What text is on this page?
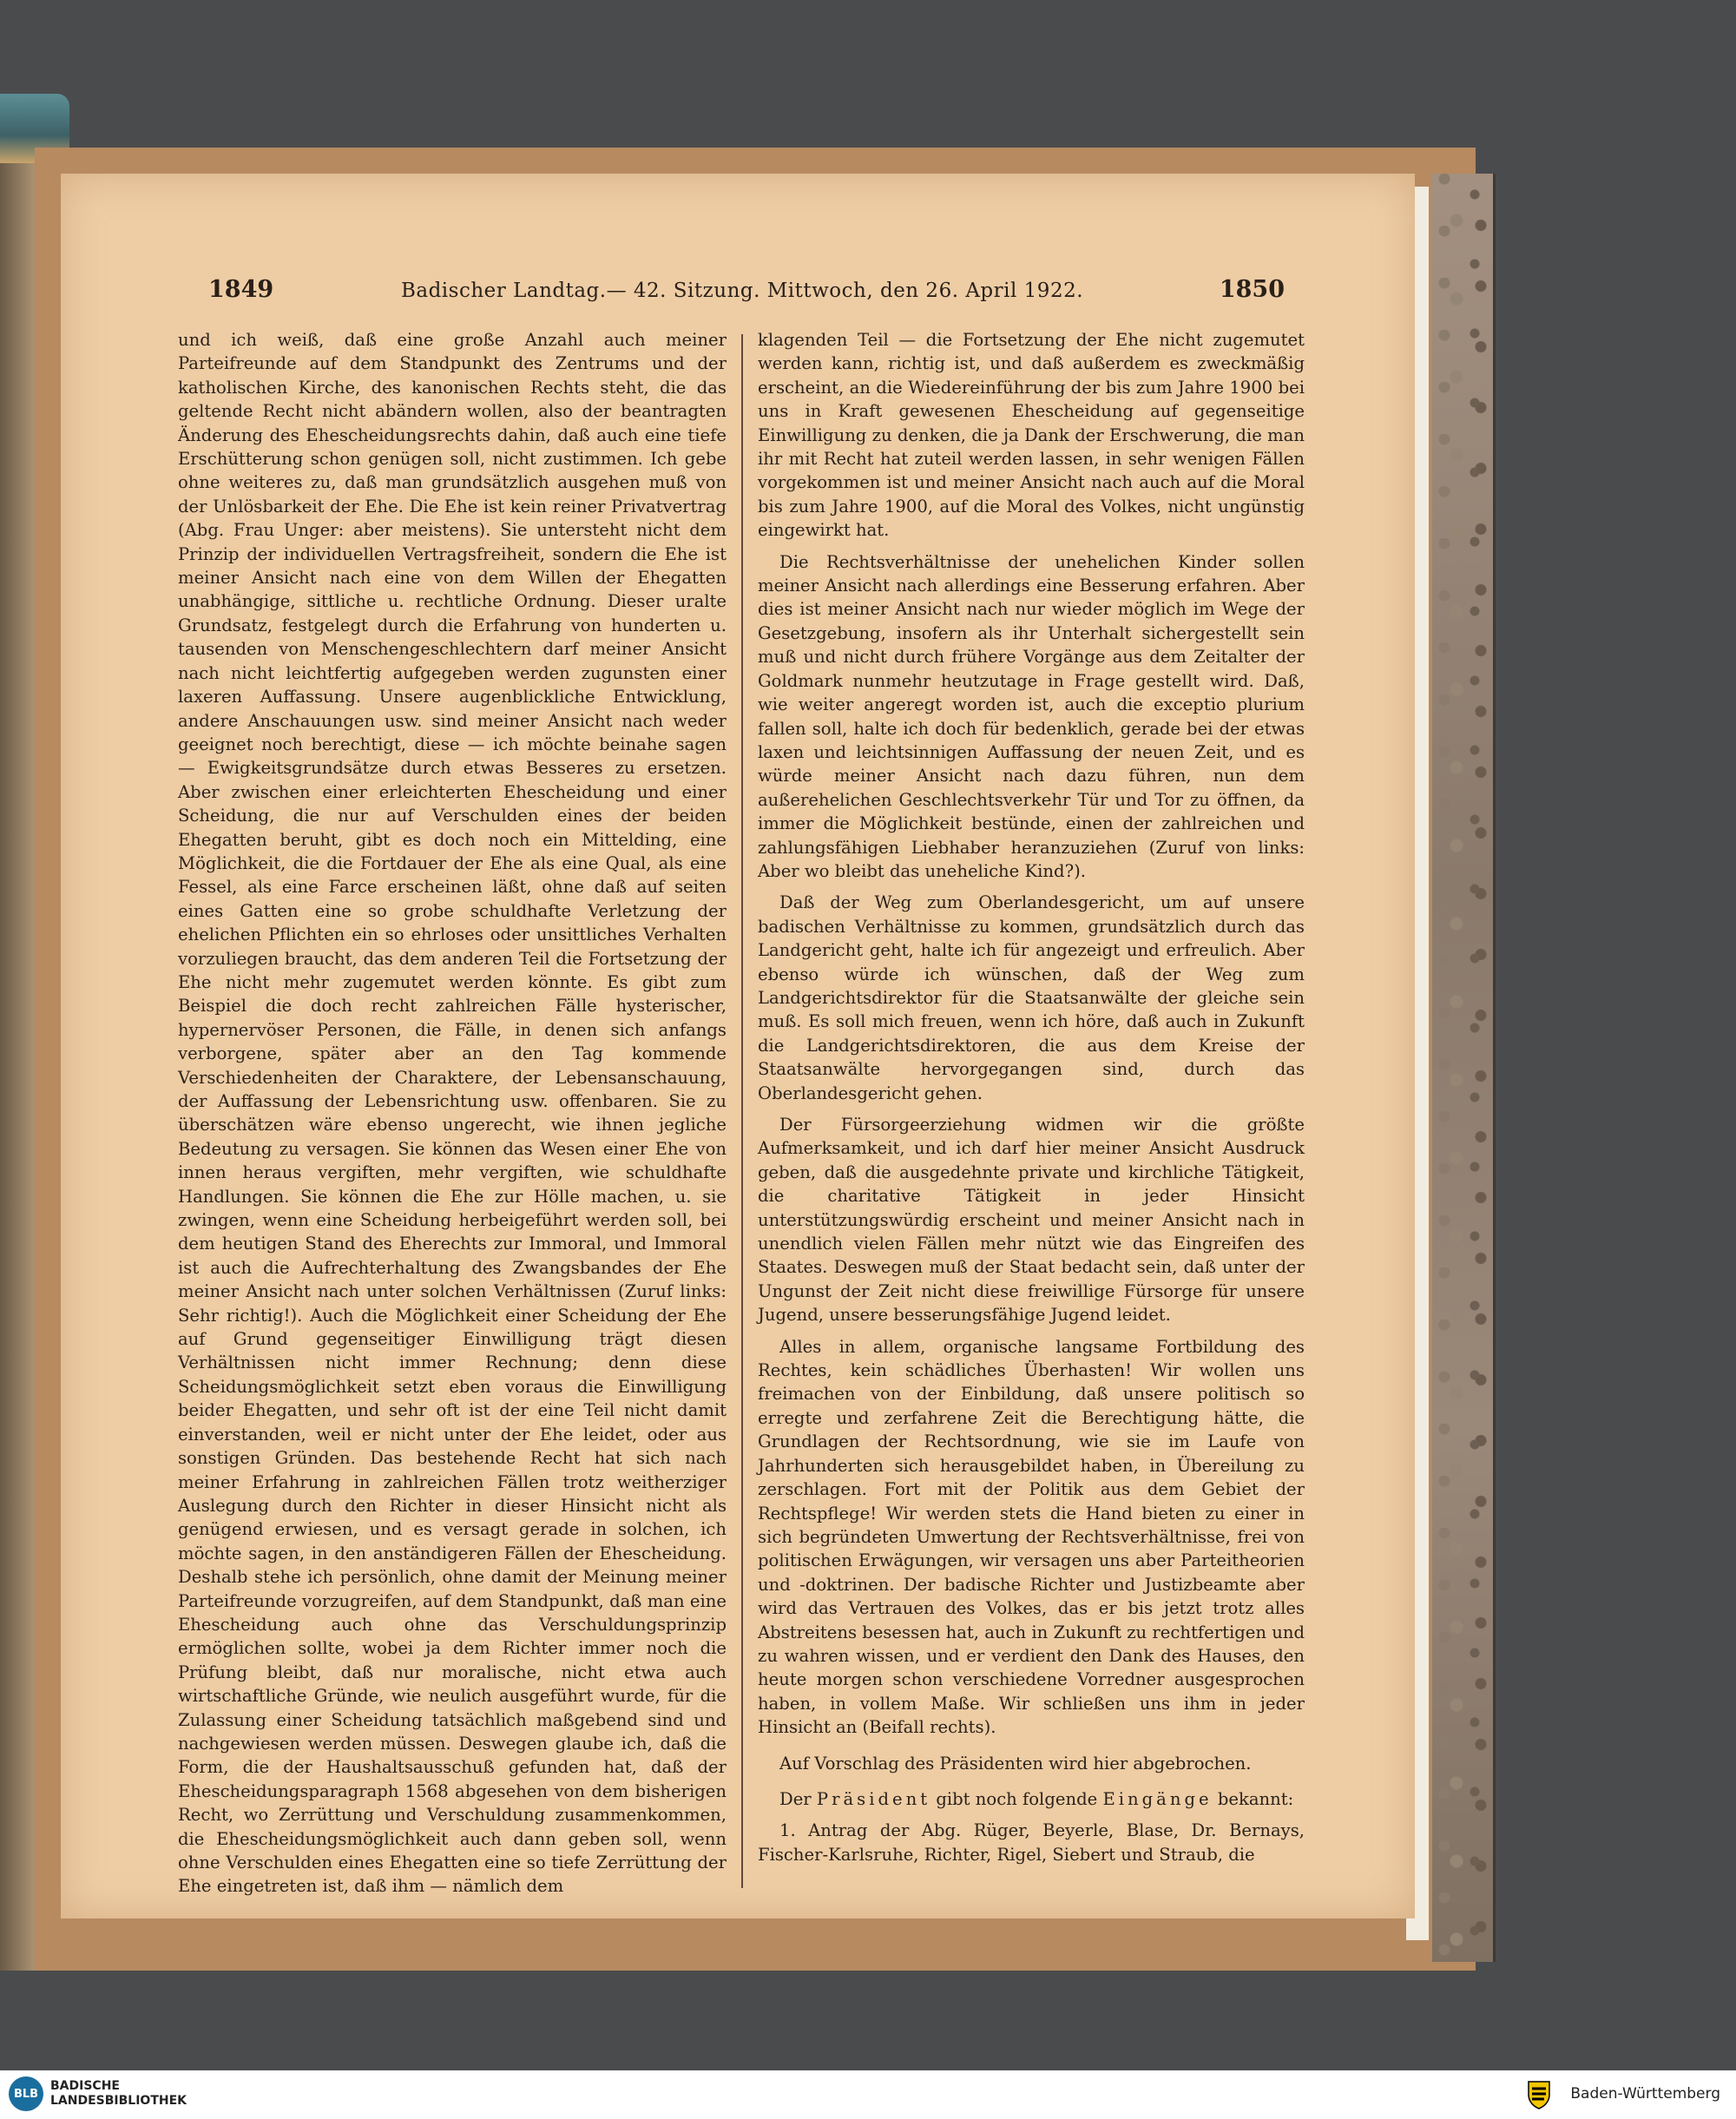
1849	Badischer Landtag.— 42. Sitzung. Mittwoch, den 26. April 1922.	1850

und ich weiß, daß eine große Anzahl auch meiner Parteifreunde auf dem Standpunkt des Zentrums und der katholischen Kirche, des kanonischen Rechts steht, die das geltende Recht nicht abändern wollen, also der beantragten Änderung des Ehescheidungsrechts dahin, daß auch eine tiefe Erschütterung schon genügen soll, nicht zustimmen. Ich gebe ohne weiteres zu, daß man grundsätzlich ausgehen muß von der Unlösbarkeit der Ehe. Die Ehe ist kein reiner Privatvertrag (Abg. Frau Unger: aber meistens). Sie untersteht nicht dem Prinzip der individuellen Vertragsfreiheit, sondern die Ehe ist meiner Ansicht nach eine von dem Willen der Ehegatten unabhängige, sittliche u. rechtliche Ordnung. Dieser uralte Grundsatz, festgelegt durch die Erfahrung von hunderten u. tausenden von Menschengeschlechtern darf meiner Ansicht nach nicht leichtfertig aufgegeben werden zugunsten einer laxeren Auffassung. Unsere augenblickliche Entwicklung, andere Anschauungen usw. sind meiner Ansicht nach weder geeignet noch berechtigt, diese — ich möchte beinahe sagen — Ewigkeitsgrundsätze durch etwas Besseres zu ersetzen. Aber zwischen einer erleichterten Ehescheidung und einer Scheidung, die nur auf Verschulden eines der beiden Ehegatten beruht, gibt es doch noch ein Mittelding, eine Möglichkeit, die die Fortdauer der Ehe als eine Qual, als eine Fessel, als eine Farce erscheinen läßt, ohne daß auf seiten eines Gatten eine so grobe schuldhafte Verletzung der ehelichen Pflichten ein so ehrloses oder unsittliches Verhalten vorzuliegen braucht, das dem anderen Teil die Fortsetzung der Ehe nicht mehr zugemutet werden könnte. Es gibt zum Beispiel die doch recht zahlreichen Fälle hysterischer, hypernervöser Personen, die Fälle, in denen sich anfangs verborgene, später aber an den Tag kommende Verschiedenheiten der Charaktere, der Lebensanschauung, der Auffassung der Lebensrichtung usw. offenbaren. Sie zu überschätzen wäre ebenso ungerecht, wie ihnen jegliche Bedeutung zu versagen. Sie können das Wesen einer Ehe von innen heraus vergiften, mehr vergiften, wie schuldhafte Handlungen. Sie können die Ehe zur Hölle machen, u. sie zwingen, wenn eine Scheidung herbeigeführt werden soll, bei dem heutigen Stand des Eherechts zur Immoral, und Immoral ist auch die Aufrechterhaltung des Zwangsbandes der Ehe meiner Ansicht nach unter solchen Verhältnissen (Zuruf links: Sehr richtig!). Auch die Möglichkeit einer Scheidung der Ehe auf Grund gegenseitiger Einwilligung trägt diesen Verhältnissen nicht immer Rechnung; denn diese Scheidungsmöglichkeit setzt eben voraus die Einwilligung beider Ehegatten, und sehr oft ist der eine Teil nicht damit einverstanden, weil er nicht unter der Ehe leidet, oder aus sonstigen Gründen. Das bestehende Recht hat sich nach meiner Erfahrung in zahlreichen Fällen trotz weitherziger Auslegung durch den Richter in dieser Hinsicht nicht als genügend erwiesen, und es versagt gerade in solchen, ich möchte sagen, in den anständigeren Fällen der Ehescheidung. Deshalb stehe ich persönlich, ohne damit der Meinung meiner Parteifreunde vorzugreifen, auf dem Standpunkt, daß man eine Ehescheidung auch ohne das Verschuldungsprinzip ermöglichen sollte, wobei ja dem Richter immer noch die Prüfung bleibt, daß nur moralische, nicht etwa auch wirtschaftliche Gründe, wie neulich ausgeführt wurde, für die Zulassung einer Scheidung tatsächlich maßgebend sind und nachgewiesen werden müssen. Deswegen glaube ich, daß die Form, die der Haushaltsausschuß gefunden hat, daß der Ehescheidungsparagraph 1568 abgesehen von dem bisherigen Recht, wo Zerrüttung und Verschuldung zusammenkommen, die Ehescheidungsmöglichkeit auch dann geben soll, wenn ohne Verschulden eines Ehegatten eine so tiefe Zerrüttung der Ehe eingetreten ist, daß ihm — nämlich dem

klagenden Teil — die Fortsetzung der Ehe nicht zugemutet werden kann, richtig ist, und daß außerdem es zweckmäßig erscheint, an die Wiedereinführung der bis zum Jahre 1900 bei uns in Kraft gewesenen Ehescheidung auf gegenseitige Einwilligung zu denken, die ja Dank der Erschwerung, die man ihr mit Recht hat zuteil werden lassen, in sehr wenigen Fällen vorgekommen ist und meiner Ansicht nach auch auf die Moral bis zum Jahre 1900, auf die Moral des Volkes, nicht ungünstig eingewirkt hat.

Die Rechtsverhältnisse der unehelichen Kinder sollen meiner Ansicht nach allerdings eine Besserung erfahren. Aber dies ist meiner Ansicht nach nur wieder möglich im Wege der Gesetzgebung, insofern als ihr Unterhalt sichergestellt sein muß und nicht durch frühere Vorgänge aus dem Zeitalter der Goldmark nunmehr heutzutage in Frage gestellt wird. Daß, wie weiter angeregt worden ist, auch die exceptio plurium fallen soll, halte ich doch für bedenklich, gerade bei der etwas laxen und leichtsinnigen Auffassung der neuen Zeit, und es würde meiner Ansicht nach dazu führen, nun dem außerehelichen Geschlechtsverkehr Tür und Tor zu öffnen, da immer die Möglichkeit bestünde, einen der zahlreichen und zahlungsfähigen Liebhaber heranzuziehen (Zuruf von links: Aber wo bleibt das uneheliche Kind?).

Daß der Weg zum Oberlandesgericht, um auf unsere badischen Verhältnisse zu kommen, grundsätzlich durch das Landgericht geht, halte ich für angezeigt und erfreulich. Aber ebenso würde ich wünschen, daß der Weg zum Landgerichtsdirektor für die Staatsanwälte der gleiche sein muß. Es soll mich freuen, wenn ich höre, daß auch in Zukunft die Landgerichtsdirektoren, die aus dem Kreise der Staatsanwälte hervorgegangen sind, durch das Oberlandesgericht gehen.

Der Fürsorgeerziehung widmen wir die größte Aufmerksamkeit, und ich darf hier meiner Ansicht Ausdruck geben, daß die ausgedehnte private und kirchliche Tätigkeit, die charitative Tätigkeit in jeder Hinsicht unterstützungswürdig erscheint und meiner Ansicht nach in unendlich vielen Fällen mehr nützt wie das Eingreifen des Staates. Deswegen muß der Staat bedacht sein, daß unter der Ungunst der Zeit nicht diese freiwillige Fürsorge für unsere Jugend, unsere besserungsfähige Jugend leidet.

Alles in allem, organische langsame Fortbildung des Rechtes, kein schädliches Überhasten! Wir wollen uns freimachen von der Einbildung, daß unsere politisch so erregte und zerfahrene Zeit die Berechtigung hätte, die Grundlagen der Rechtsordnung, wie sie im Laufe von Jahrhunderten sich herausgebildet haben, in Übereilung zu zerschlagen. Fort mit der Politik aus dem Gebiet der Rechtspflege! Wir werden stets die Hand bieten zu einer in sich begründeten Umwertung der Rechtsverhältnisse, frei von politischen Erwägungen, wir versagen uns aber Parteitheorien und -doktrinen. Der badische Richter und Justizbeamte aber wird das Vertrauen des Volkes, das er bis jetzt trotz alles Abstreitens besessen hat, auch in Zukunft zu rechtfertigen und zu wahren wissen, und er verdient den Dank des Hauses, den heute morgen schon verschiedene Vorredner ausgesprochen haben, in vollem Maße. Wir schließen uns ihm in jeder Hinsicht an (Beifall rechts).

Auf Vorschlag des Präsidenten wird hier abgebrochen.

Der Präsident gibt noch folgende Eingänge bekannt:

1. Antrag der Abg. Rüger, Beyerle, Blase, Dr. Bernays, Fischer-Karlsruhe, Richter, Rigel, Siebert und Straub, die

BLB
BADISCHE
LANDESBIBLIOTHEK	Baden-Württemberg
